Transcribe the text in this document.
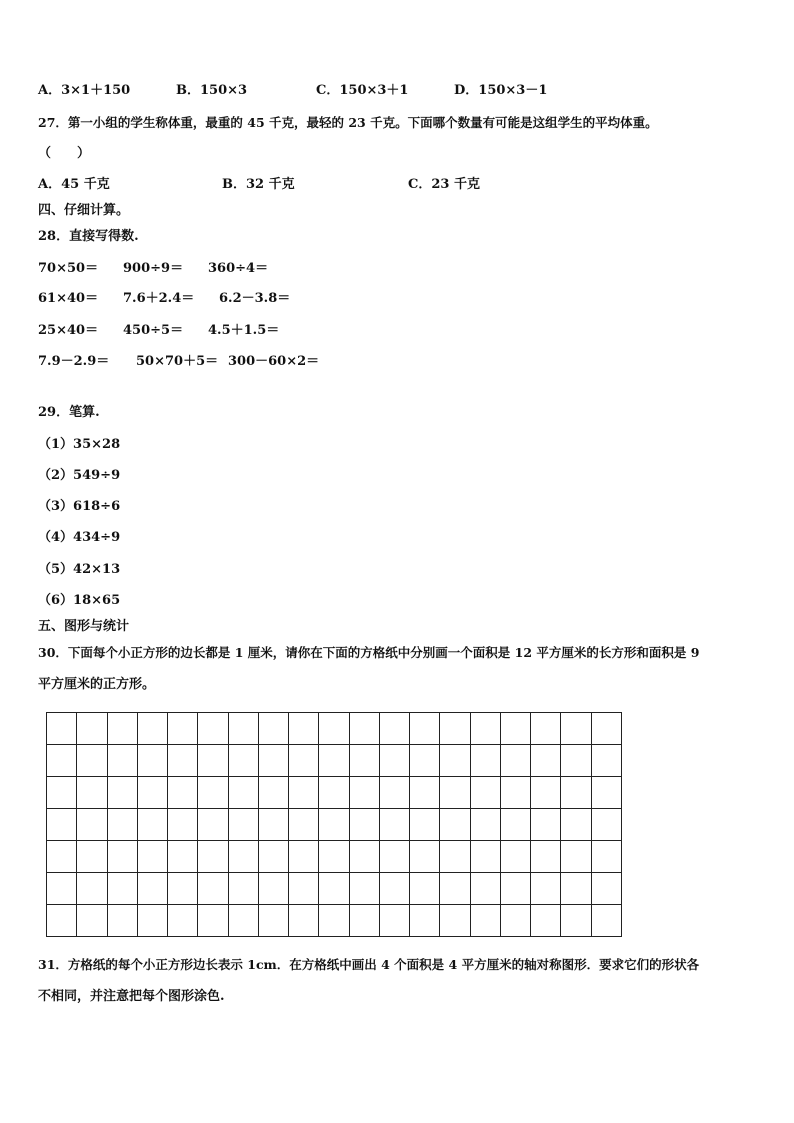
A．3×1＋150	B．150×3	C．150×3＋1	D．150×3－1
27．第一小组的学生称体重，最重的 45 千克，最轻的 23 千克。下面哪个数量有可能是这组学生的平均体重。
（　　）
A．45 千克	B．32 千克	C．23 千克
四、仔细计算。
28．直接写得数.
70×50＝ 900÷9＝ 360÷4＝
61×40＝ 7.6＋2.4＝ 6.2－3.8＝
25×40＝ 450÷5＝ 4.5＋1.5＝
7.9－2.9＝ 50×70＋5＝ 300－60×2＝
29．笔算.
（1）35×28
（2）549÷9
（3）618÷6
（4）434÷9
（5）42×13
（6）18×65
五、图形与统计
30．下面每个小正方形的边长都是 1 厘米，请你在下面的方格纸中分别画一个面积是 12 平方厘米的长方形和面积是 9
平方厘米的正方形。
31．方格纸的每个小正方形边长表示 1cm．在方格纸中画出 4 个面积是 4 平方厘米的轴对称图形．要求它们的形状各
不相同，并注意把每个图形涂色.
